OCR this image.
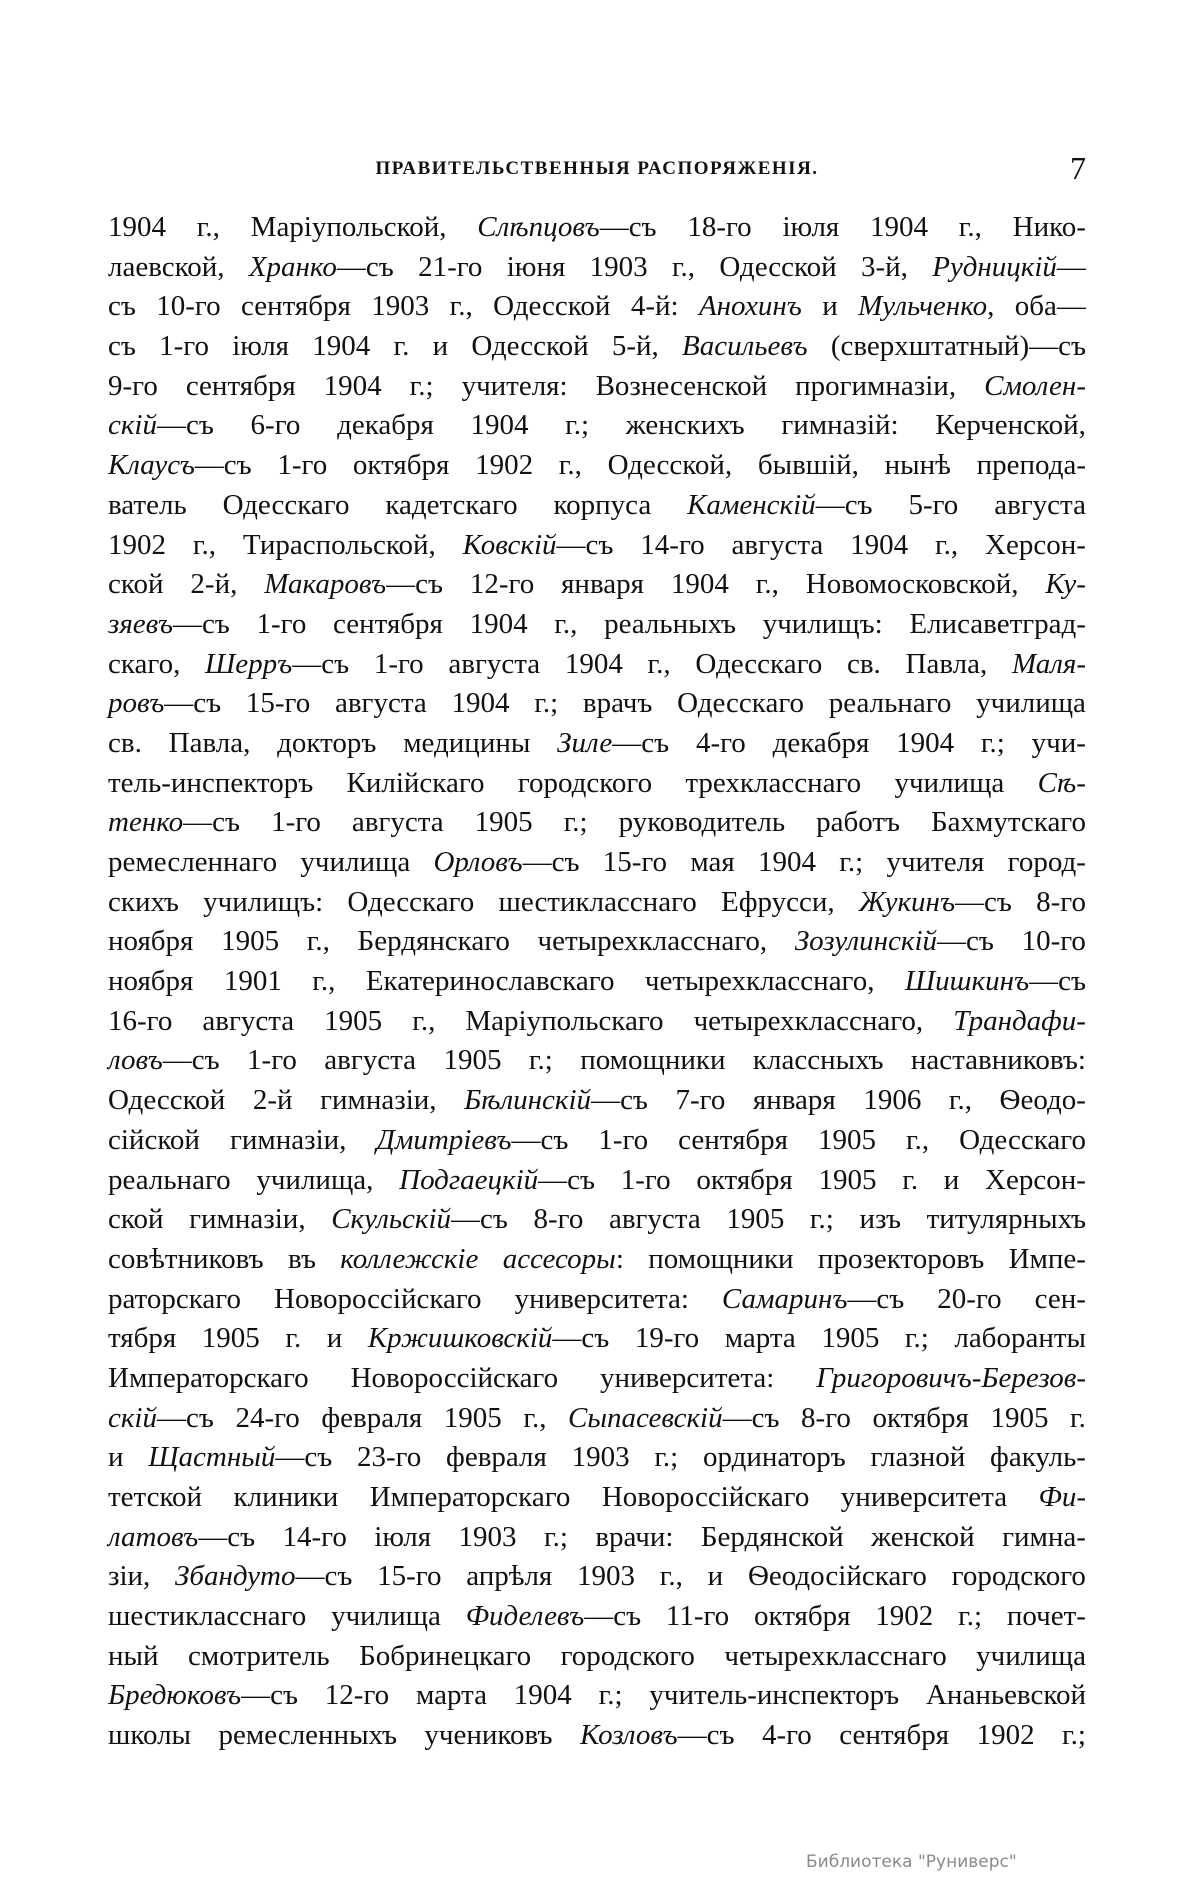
ПРАВИТЕЛЬСТВЕННЫЯ РАСПОРЯЖЕНІЯ.	7
1904 г., Маріупольской, Слѣпцовъ—съ 18-го іюля 1904 г., Нико-
лаевской, Хранко—съ 21-го іюня 1903 г., Одесской 3-й, Рудницкій—
съ 10-го сентября 1903 г., Одесской 4-й: Анохинъ и Мульченко, оба—
съ 1-го іюля 1904 г. и Одесской 5-й, Васильевъ (сверхштатный)—съ
9-го сентября 1904 г.; учителя: Вознесенской прогимназіи, Смолен-
скій—съ 6-го декабря 1904 г.; женскихъ гимназій: Керченской,
Клаусъ—съ 1-го октября 1902 г., Одесской, бывшій, нынѣ препода-
ватель Одесскаго кадетскаго корпуса Каменскій—съ 5-го августа
1902 г., Тираспольской, Ковскій—съ 14-го августа 1904 г., Херсон-
ской 2-й, Макаровъ—съ 12-го января 1904 г., Новомосковской, Ку-
зяевъ—съ 1-го сентября 1904 г., реальныхъ училищъ: Елисаветград-
скаго, Шерръ—съ 1-го августа 1904 г., Одесскаго св. Павла, Маля-
ровъ—съ 15-го августа 1904 г.; врачъ Одесскаго реальнаго училища
св. Павла, докторъ медицины Зиле—съ 4-го декабря 1904 г.; учи-
тель-инспекторъ Килійскаго городского трехкласснаго училища Сѣ-
тенко—съ 1-го августа 1905 г.; руководитель работъ Бахмутскаго
ремесленнаго училища Орловъ—съ 15-го мая 1904 г.; учителя город-
скихъ училищъ: Одесскаго шестикласснаго Ефрусси, Жукинъ—съ 8-го
ноября 1905 г., Бердянскаго четырехкласснаго, Зозулинскій—съ 10-го
ноября 1901 г., Екатеринославскаго четырехкласснаго, Шишкинъ—съ
16-го августа 1905 г., Маріупольскаго четырехкласснаго, Трандафи-
ловъ—съ 1-го августа 1905 г.; помощники классныхъ наставниковъ:
Одесской 2-й гимназіи, Бѣлинскій—съ 7-го января 1906 г., Ѳеодо-
сійской гимназіи, Дмитріевъ—съ 1-го сентября 1905 г., Одесскаго
реальнаго училища, Подгаецкій—съ 1-го октября 1905 г. и Херсон-
ской гимназіи, Скульскій—съ 8-го августа 1905 г.; изъ титулярныхъ
совѣтниковъ въ коллежскіе ассесоры: помощники прозекторовъ Импе-
раторскаго Новороссійскаго университета: Самаринъ—съ 20-го сен-
тября 1905 г. и Кржишковскій—съ 19-го марта 1905 г.; лаборанты
Императорскаго Новороссійскаго университета: Григоровичъ-Березов-
скій—съ 24-го февраля 1905 г., Сыпасевскій—съ 8-го октября 1905 г.
и Щастный—съ 23-го февраля 1903 г.; ординаторъ глазной факуль-
тетской клиники Императорскаго Новороссійскаго университета Фи-
латовъ—съ 14-го іюля 1903 г.; врачи: Бердянской женской гимна-
зіи, Збандуто—съ 15-го апрѣля 1903 г., и Ѳеодосійскаго городского
шестикласснаго училища Фиделевъ—съ 11-го октября 1902 г.; почет-
ный смотритель Бобринецкаго городского четырехкласснаго училища
Бредюковъ—съ 12-го марта 1904 г.; учитель-инспекторъ Ананьевской
школы ремесленныхъ учениковъ Козловъ—съ 4-го сентября 1902 г.;
Библиотека "Руниверс"
